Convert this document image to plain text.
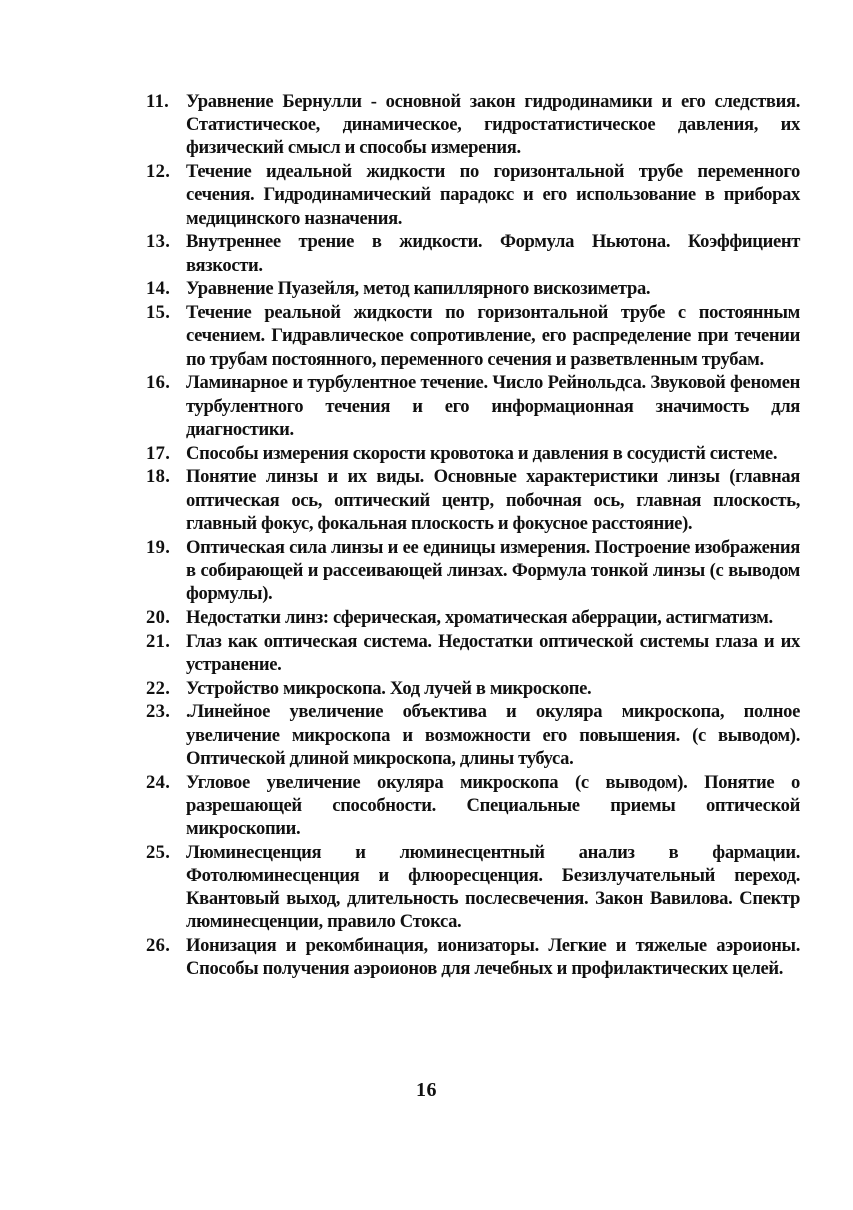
11. Уравнение Бернулли - основной закон гидродинамики и его следствия. Статистическое, динамическое, гидростатистическое давления, их физический смысл и способы измерения.
12. Течение идеальной жидкости по горизонтальной трубе переменного сечения. Гидродинамический парадокс и его использование в приборах медицинского назначения.
13. Внутреннее трение в жидкости. Формула Ньютона. Коэффициент вязкости.
14. Уравнение Пуазейля, метод капиллярного вискозиметра.
15. Течение реальной жидкости по горизонтальной трубе с постоянным сечением. Гидравлическое сопротивление, его распределение при течении по трубам постоянного, переменного сечения и разветвленным трубам.
16. Ламинарное и турбулентное течение. Число Рейнольдса. Звуковой феномен турбулентного течения и его информационная значимость для диагностики.
17. Способы измерения скорости кровотока и давления в сосудистй системе.
18. Понятие линзы и их виды. Основные характеристики линзы (главная оптическая ось, оптический центр, побочная ось, главная плоскость, главный фокус, фокальная плоскость и фокусное расстояние).
19. Оптическая сила линзы и ее единицы измерения. Построение изображения в собирающей и рассеивающей линзах. Формула тонкой линзы (с выводом формулы).
20. Недостатки линз: сферическая, хроматическая аберрации, астигматизм.
21. Глаз как оптическая система. Недостатки оптической системы глаза и их устранение.
22. Устройство микроскопа. Ход лучей в микроскопе.
23. .Линейное увеличение объектива и окуляра микроскопа, полное увеличение микроскопа и возможности его повышения. (с выводом). Оптической длиной микроскопа, длины тубуса.
24. Угловое увеличение окуляра микроскопа (с выводом). Понятие о разрешающей способности. Специальные приемы оптической микроскопии.
25. Люминесценция и люминесцентный анализ в фармации. Фотолюминесценция и флюоресценция. Безизлучательный переход. Квантовый выход, длительность послесвечения. Закон Вавилова. Спектр люминесценции, правило Стокса.
26. Ионизация и рекомбинация, ионизаторы. Легкие и тяжелые аэроионы. Способы получения аэроионов для лечебных и профилактических целей.
16
